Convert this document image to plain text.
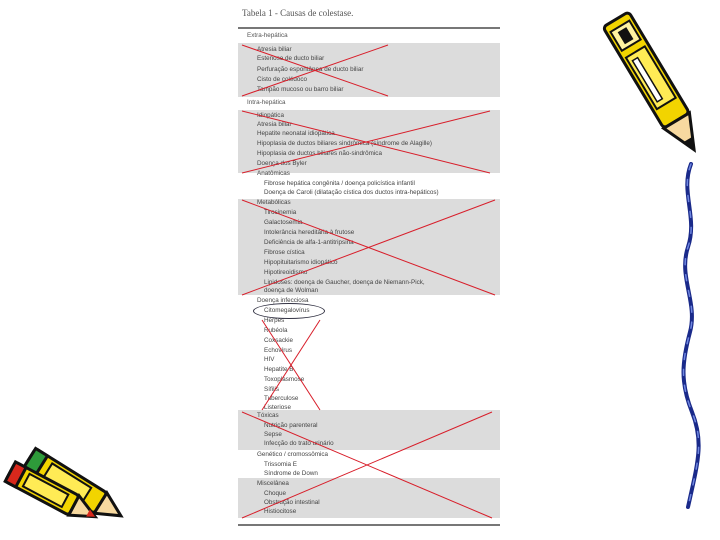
Tabela 1 - Causas de colestase.
Extra-hepática
Intra-hepática
Atresia biliar
Estenose de ducto biliar
Perfuração espontânea de ducto biliar
Cisto de colédoco
Tampão mucoso ou barro biliar
Idiopática
Atresia biliar
Hepatite neonatal idiopática
Hipoplasia de ductos biliares sindrômica (síndrome de Alagille)
Hipoplasia de ductos biliares não-sindrômica
Doença dos Byler
Anatômicas
Fibrose hepática congênita / doença policística infantil
Doença de Caroli (dilatação cística dos ductos intra-hepáticos)
Metabólicas
Tirosinemia
Galactosemia
Intolerância hereditária à frutose
Deficiência de alfa-1-antitripsina
Fibrose cística
Hipopituitarismo idiopático
Hipotireoidismo
Lipidoses: doença de Gaucher, doença de Niemann-Pick,
doença de Wolman
Doença infecciosa
Citomegalovírus
Herpes
Rubéola
Coxsackie
Echovírus
HIV
Hepatite B
Toxoplasmose
Sífilis
Tuberculose
Listeriose
Tóxicas
Nutrição parenteral
Sepse
Infecção do trato urinário
Genético / cromossômica
Trissomia E
Síndrome de Down
Miscelânea
Choque
Obstrução intestinal
Histiocitose
